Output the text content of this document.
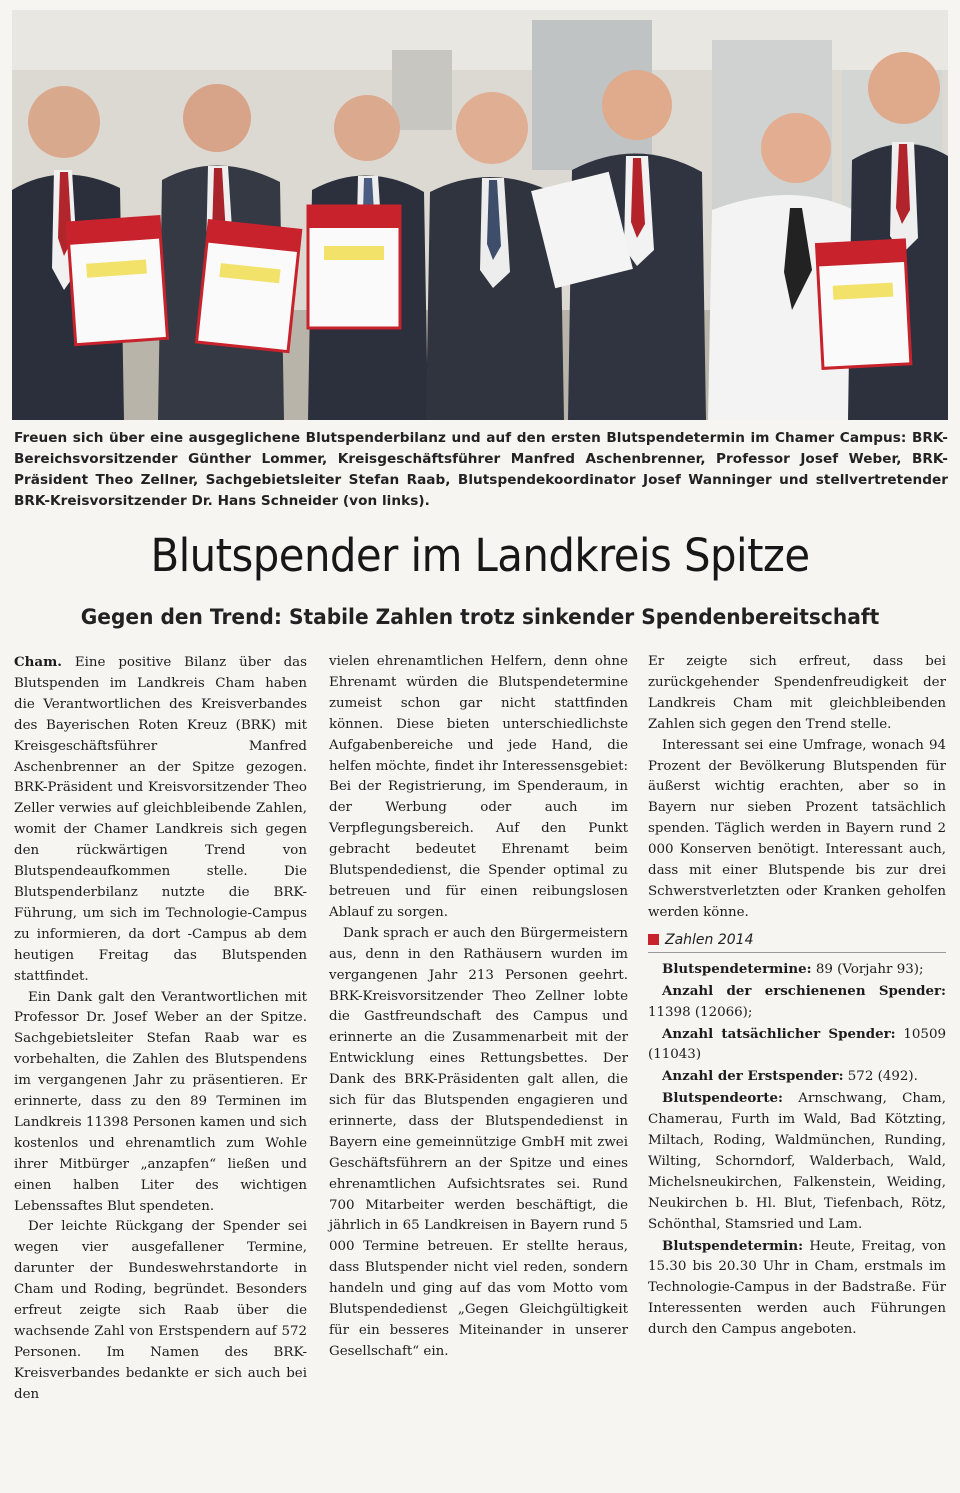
Freuen sich über eine ausgeglichene Blutspenderbilanz und auf den ersten Blutspendetermin im Chamer Campus: BRK-Bereichsvorsitzender Günther Lommer, Kreisgeschäftsführer Manfred Aschenbrenner, Professor Josef Weber, BRK-Präsident Theo Zellner, Sachgebietsleiter Stefan Raab, Blutspendekoordinator Josef Wanninger und stellvertretender BRK-Kreisvorsitzender Dr. Hans Schneider (von links).
Blutspender im Landkreis Spitze
Gegen den Trend: Stabile Zahlen trotz sinkender Spendenbereitschaft

Cham. Eine positive Bilanz über das Blutspenden im Landkreis Cham haben die Verantwortlichen des Kreisverbandes des Bayerischen Roten Kreuz (BRK) mit Kreisgeschäftsführer Manfred Aschenbrenner an der Spitze gezogen. BRK-Präsident und Kreisvorsitzender Theo Zeller verwies auf gleichbleibende Zahlen, womit der Chamer Landkreis sich gegen den rückwärtigen Trend von Blutspendeaufkommen stelle. Die Blutspenderbilanz nutzte die BRK-Führung, um sich im Technologie-Campus zu informieren, da dort -Campus ab dem heutigen Freitag das Blutspenden stattfindet.

Ein Dank galt den Verantwortlichen mit Professor Dr. Josef Weber an der Spitze. Sachgebietsleiter Stefan Raab war es vorbehalten, die Zahlen des Blutspendens im vergangenen Jahr zu präsentieren. Er erinnerte, dass zu den 89 Terminen im Landkreis 11398 Personen kamen und sich kostenlos und ehrenamtlich zum Wohle ihrer Mitbürger „anzapfen“ ließen und einen halben Liter des wichtigen Lebenssaftes Blut spendeten.

Der leichte Rückgang der Spender sei wegen vier ausgefallener Termine, darunter der Bundeswehrstandorte in Cham und Roding, begründet. Besonders erfreut zeigte sich Raab über die wachsende Zahl von Erstspendern auf 572 Personen. Im Namen des BRK-Kreisverbandes bedankte er sich auch bei den

vielen ehrenamtlichen Helfern, denn ohne Ehrenamt würden die Blutspendetermine zumeist schon gar nicht stattfinden können. Diese bieten unterschiedlichste Aufgabenbereiche und jede Hand, die helfen möchte, findet ihr Interessensgebiet: Bei der Registrierung, im Spenderaum, in der Werbung oder auch im Verpflegungsbereich. Auf den Punkt gebracht bedeutet Ehrenamt beim Blutspendedienst, die Spender optimal zu betreuen und für einen reibungslosen Ablauf zu sorgen.

Dank sprach er auch den Bürgermeistern aus, denn in den Rathäusern wurden im vergangenen Jahr 213 Personen geehrt. BRK-Kreisvorsitzender Theo Zellner lobte die Gastfreundschaft des Campus und erinnerte an die Zusammenarbeit mit der Entwicklung eines Rettungsbettes. Der Dank des BRK-Präsidenten galt allen, die sich für das Blutspenden engagieren und erinnerte, dass der Blutspendedienst in Bayern eine gemeinnützige GmbH mit zwei Geschäftsführern an der Spitze und eines ehrenamtlichen Aufsichtsrates sei. Rund 700 Mitarbeiter werden beschäftigt, die jährlich in 65 Landkreisen in Bayern rund 5 000 Termine betreuen. Er stellte heraus, dass Blutspender nicht viel reden, sondern handeln und ging auf das vom Motto vom Blutspendedienst „Gegen Gleichgültigkeit für ein besseres Miteinander in unserer Gesellschaft“ ein.

Er zeigte sich erfreut, dass bei zurückgehender Spendenfreudigkeit der Landkreis Cham mit gleichbleibenden Zahlen sich gegen den Trend stelle.

Interessant sei eine Umfrage, wonach 94 Prozent der Bevölkerung Blutspenden für äußerst wichtig erachten, aber so in Bayern nur sieben Prozent tatsächlich spenden. Täglich werden in Bayern rund 2 000 Konserven benötigt. Interessant auch, dass mit einer Blutspende bis zur drei Schwerstverletzten oder Kranken geholfen werden könne.

Zahlen 2014

Blutspendetermine: 89 (Vorjahr 93);

Anzahl der erschienenen Spender: 11398 (12066);

Anzahl tatsächlicher Spender: 10509 (11043)

Anzahl der Erstspender: 572 (492).

Blutspendeorte: Arnschwang, Cham, Chamerau, Furth im Wald, Bad Kötzting, Miltach, Roding, Waldmünchen, Runding, Wilting, Schorndorf, Walderbach, Wald, Michelsneukirchen, Falkenstein, Weiding, Neukirchen b. Hl. Blut, Tiefenbach, Rötz, Schönthal, Stamsried und Lam.

Blutspendetermin: Heute, Freitag, von 15.30 bis 20.30 Uhr in Cham, erstmals im Technologie-Campus in der Badstraße. Für Interessenten werden auch Führungen durch den Campus angeboten.
